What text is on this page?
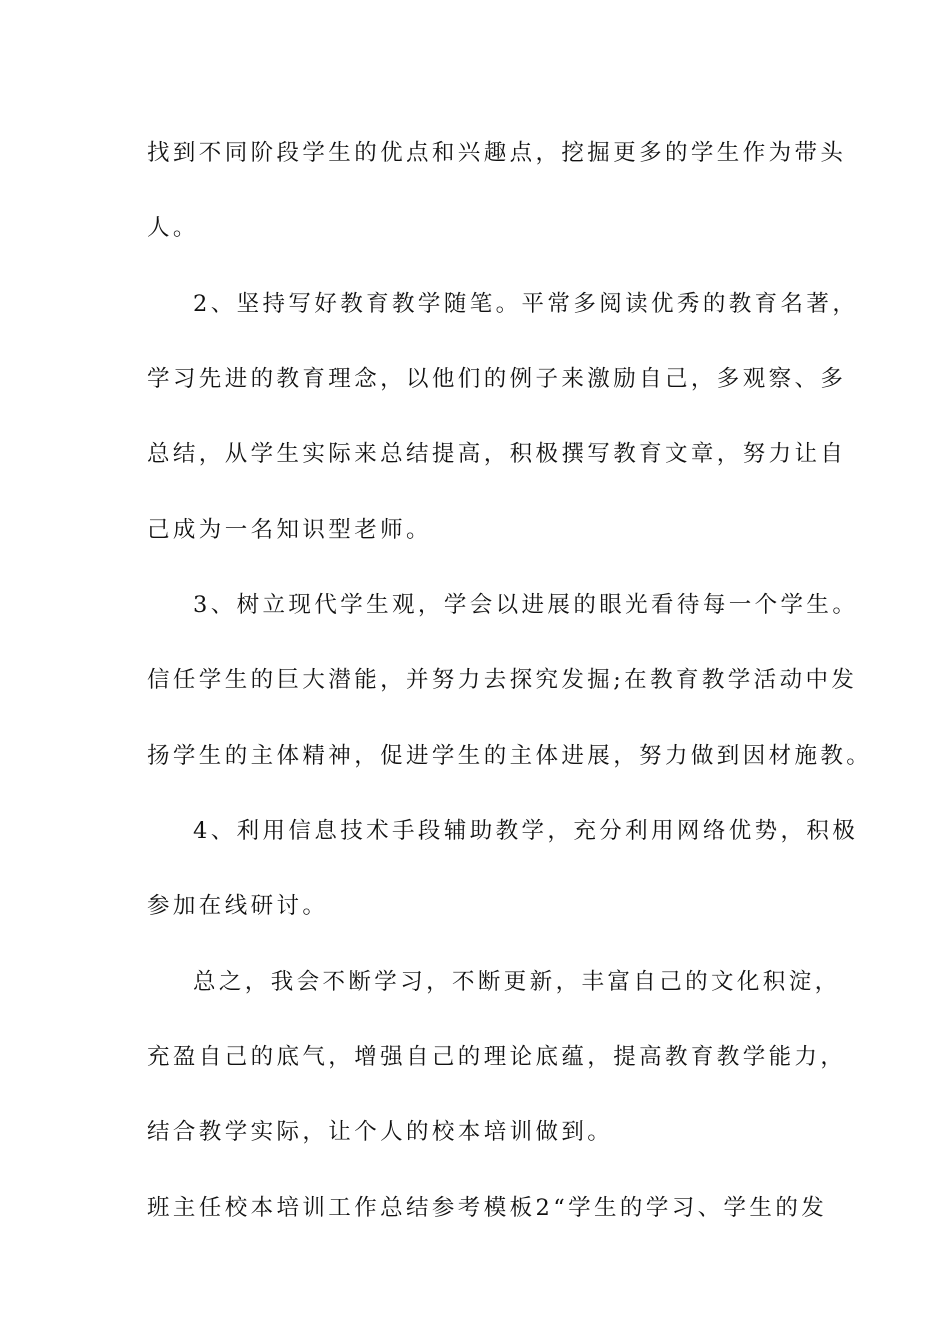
找到不同阶段学生的优点和兴趣点，挖掘更多的学生作为带头
人。
2、坚持写好教育教学随笔。平常多阅读优秀的教育名著，
学习先进的教育理念，以他们的例子来激励自己，多观察、多
总结，从学生实际来总结提高，积极撰写教育文章，努力让自
己成为一名知识型老师。
3、树立现代学生观，学会以进展的眼光看待每一个学生。
信任学生的巨大潜能，并努力去探究发掘;在教育教学活动中发
扬学生的主体精神，促进学生的主体进展，努力做到因材施教。
4、利用信息技术手段辅助教学，充分利用网络优势，积极
参加在线研讨。
总之，我会不断学习，不断更新，丰富自己的文化积淀，
充盈自己的底气，增强自己的理论底蕴，提高教育教学能力，
结合教学实际，让个人的校本培训做到。
班主任校本培训工作总结参考模板2“学生的学习、学生的发
